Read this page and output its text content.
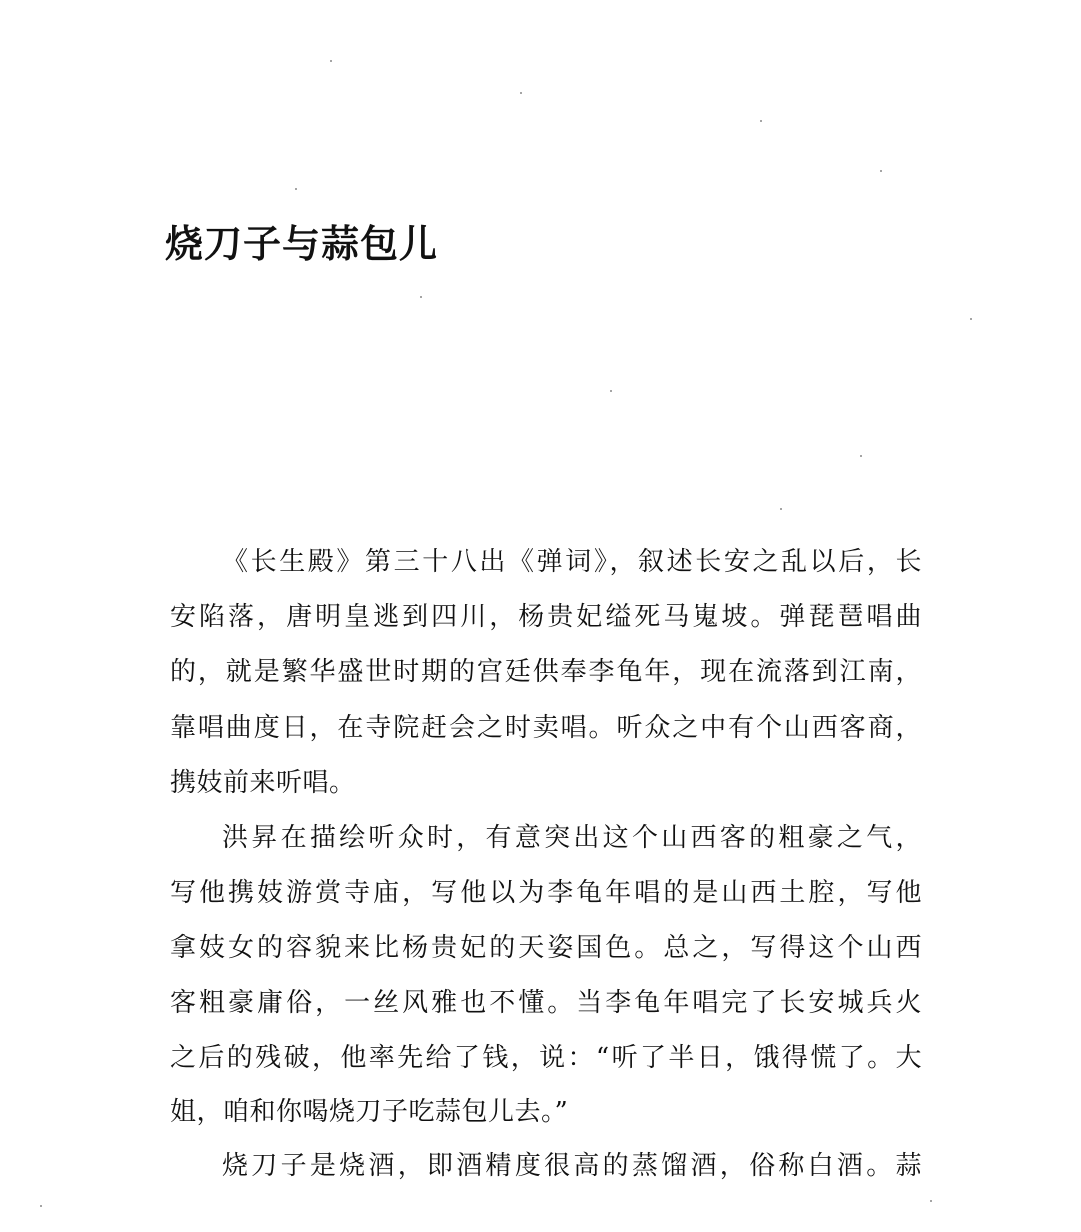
烧刀子与蒜包儿
《长生殿》第三十八出《弹词》，叙述长安之乱以后，长
安陷落，唐明皇逃到四川，杨贵妃缢死马嵬坡。弹琵琶唱曲
的，就是繁华盛世时期的宫廷供奉李龟年，现在流落到江南，
靠唱曲度日，在寺院赶会之时卖唱。听众之中有个山西客商，
携妓前来听唱。
洪昇在描绘听众时，有意突出这个山西客的粗豪之气，
写他携妓游赏寺庙，写他以为李龟年唱的是山西土腔，写他
拿妓女的容貌来比杨贵妃的天姿国色。总之，写得这个山西
客粗豪庸俗，一丝风雅也不懂。当李龟年唱完了长安城兵火
之后的残破，他率先给了钱，说：“听了半日，饿得慌了。大
姐，咱和你喝烧刀子吃蒜包儿去。”
烧刀子是烧酒，即酒精度很高的蒸馏酒，俗称白酒。蒜
